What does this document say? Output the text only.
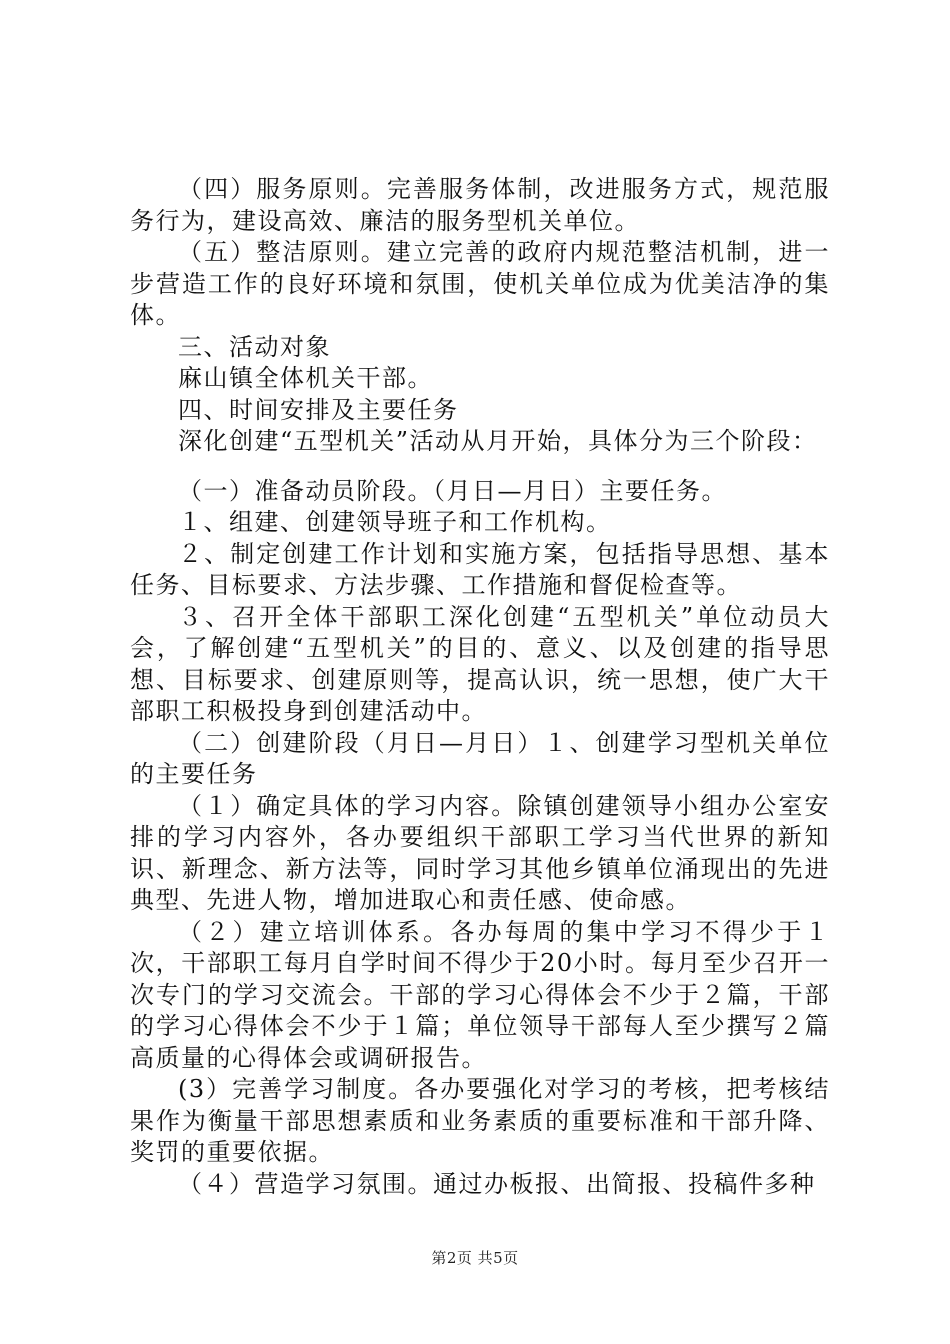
（四）服务原则。完善服务体制，改进服务方式，规范服务行为，建设高效、廉洁的服务型机关单位。

（五）整洁原则。建立完善的政府内规范整洁机制，进一步营造工作的良好环境和氛围，使机关单位成为优美洁净的集体。

三、活动对象

麻山镇全体机关干部。

四、时间安排及主要任务

深化创建“五型机关”活动从月开始，具体分为三个阶段：

（一）准备动员阶段。（月日—月日）主要任务。

１、组建、创建领导班子和工作机构。

２、制定创建工作计划和实施方案，包括指导思想、基本任务、目标要求、方法步骤、工作措施和督促检查等。

３、召开全体干部职工深化创建“五型机关”单位动员大会，了解创建“五型机关”的目的、意义、以及创建的指导思想、目标要求、创建原则等，提高认识，统一思想，使广大干部职工积极投身到创建活动中。

（二）创建阶段（月日—月日）１、创建学习型机关单位的主要任务

（１）确定具体的学习内容。除镇创建领导小组办公室安排的学习内容外，各办要组织干部职工学习当代世界的新知识、新理念、新方法等，同时学习其他乡镇单位涌现出的先进典型、先进人物，增加进取心和责任感、使命感。

（２）建立培训体系。各办每周的集中学习不得少于１次，干部职工每月自学时间不得少于20小时。每月至少召开一次专门的学习交流会。干部的学习心得体会不少于２篇，干部的学习心得体会不少于１篇；单位领导干部每人至少撰写２篇高质量的心得体会或调研报告。

(3）完善学习制度。各办要强化对学习的考核，把考核结果作为衡量干部思想素质和业务素质的重要标准和干部升降、奖罚的重要依据。

（４）营造学习氛围。通过办板报、出简报、投稿件多种

第2页 共5页
